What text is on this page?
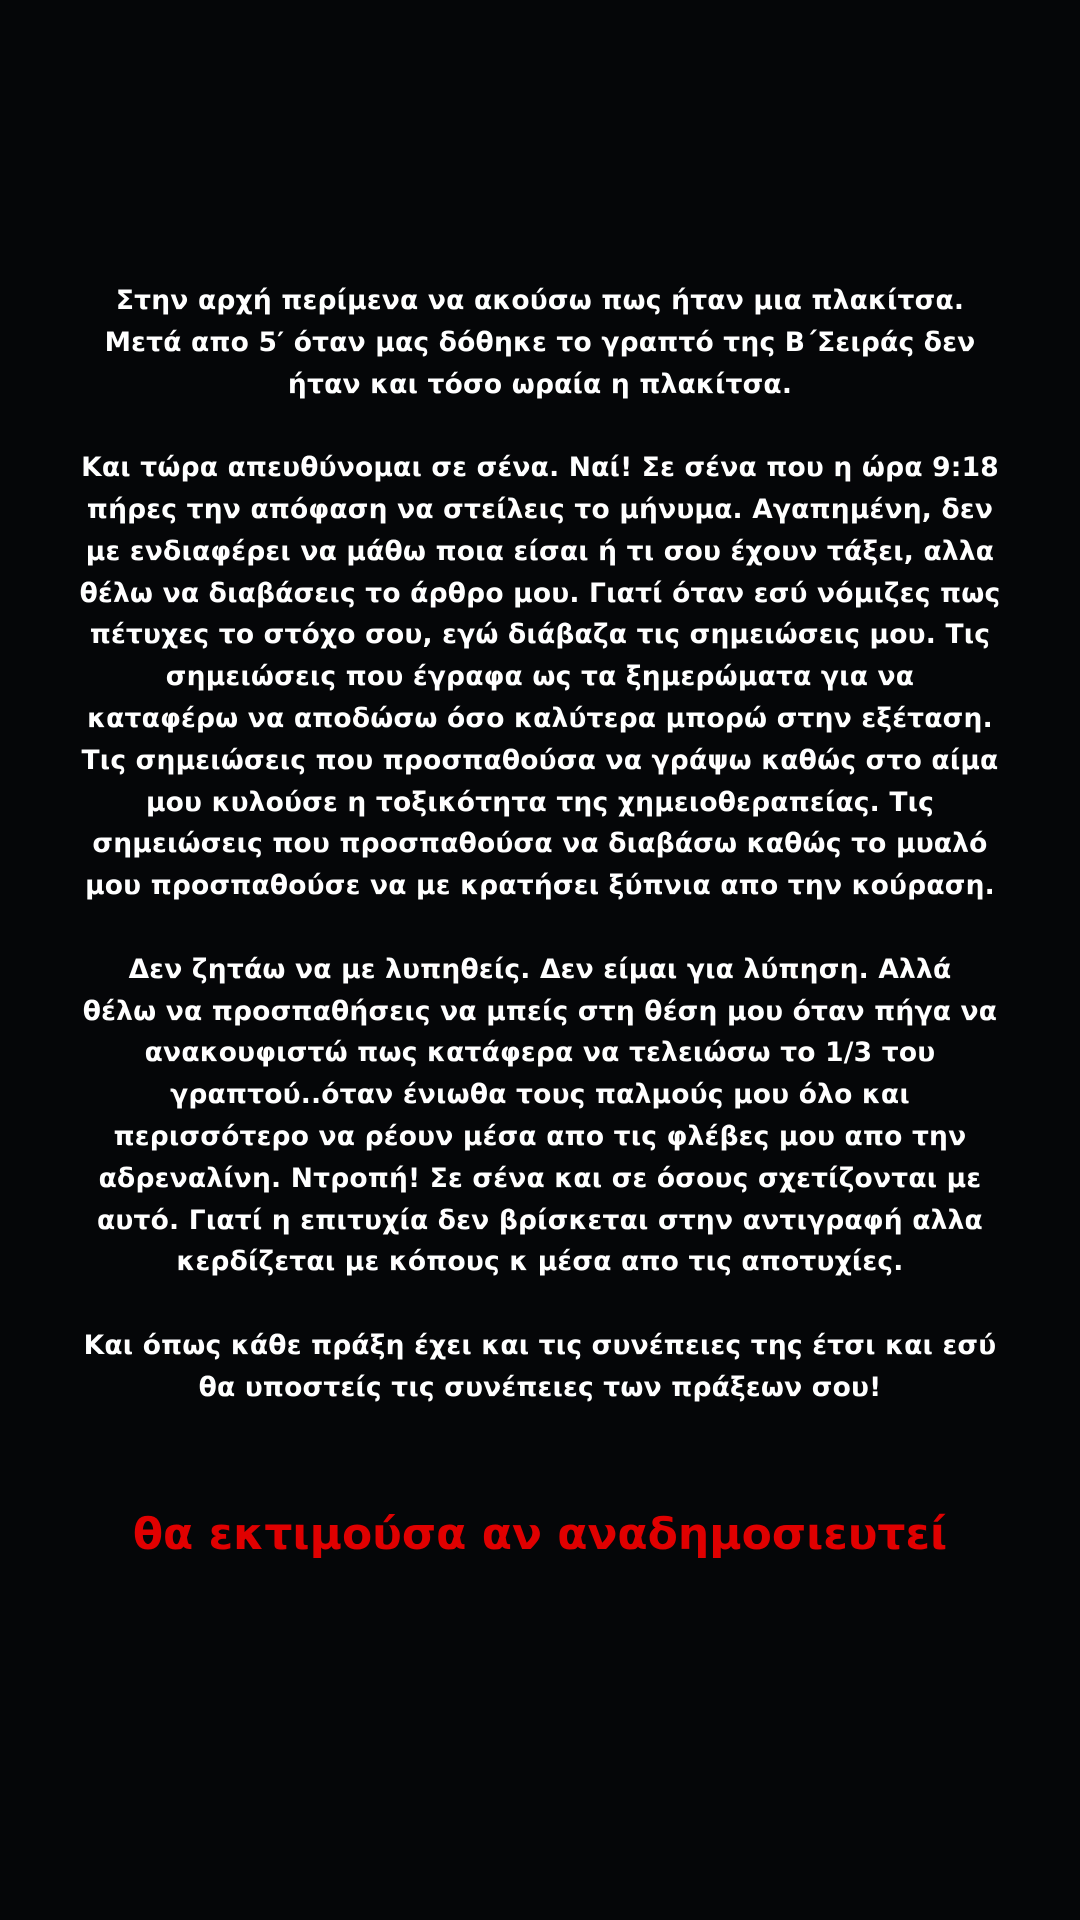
Στην αρχή περίμενα να ακούσω πως ήταν μια πλακίτσα.
Μετά απο 5′ όταν μας δόθηκε το γραπτό της Β΄Σειράς δεν
ήταν και τόσο ωραία η πλακίτσα.
Και τώρα απευθύνομαι σε σένα. Ναί! Σε σένα που η ώρα 9:18
πήρες την απόφαση να στείλεις το μήνυμα. Αγαπημένη, δεν
με ενδιαφέρει να μάθω ποια είσαι ή τι σου έχουν τάξει, αλλα
θέλω να διαβάσεις το άρθρο μου. Γιατί όταν εσύ νόμιζες πως
πέτυχες το στόχο σου, εγώ διάβαζα τις σημειώσεις μου. Τις
σημειώσεις που έγραφα ως τα ξημερώματα για να
καταφέρω να αποδώσω όσο καλύτερα μπορώ στην εξέταση.
Τις σημειώσεις που προσπαθούσα να γράψω καθώς στο αίμα
μου κυλούσε η τοξικότητα της χημειοθεραπείας. Τις
σημειώσεις που προσπαθούσα να διαβάσω καθώς το μυαλό
μου προσπαθούσε να με κρατήσει ξύπνια απο την κούραση.
Δεν ζητάω να με λυπηθείς. Δεν είμαι για λύπηση. Αλλά
θέλω να προσπαθήσεις να μπείς στη θέση μου όταν πήγα να
ανακουφιστώ πως κατάφερα να τελειώσω το 1/3 του
γραπτού..όταν ένιωθα τους παλμούς μου όλο και
περισσότερο να ρέουν μέσα απο τις φλέβες μου απο την
αδρεναλίνη. Ντροπή! Σε σένα και σε όσους σχετίζονται με
αυτό. Γιατί η επιτυχία δεν βρίσκεται στην αντιγραφή αλλα
κερδίζεται με κόπους κ μέσα απο τις αποτυχίες.
Και όπως κάθε πράξη έχει και τις συνέπειες της έτσι και εσύ
θα υποστείς τις συνέπειες των πράξεων σου!
θα εκτιμούσα αν αναδημοσιευτεί
